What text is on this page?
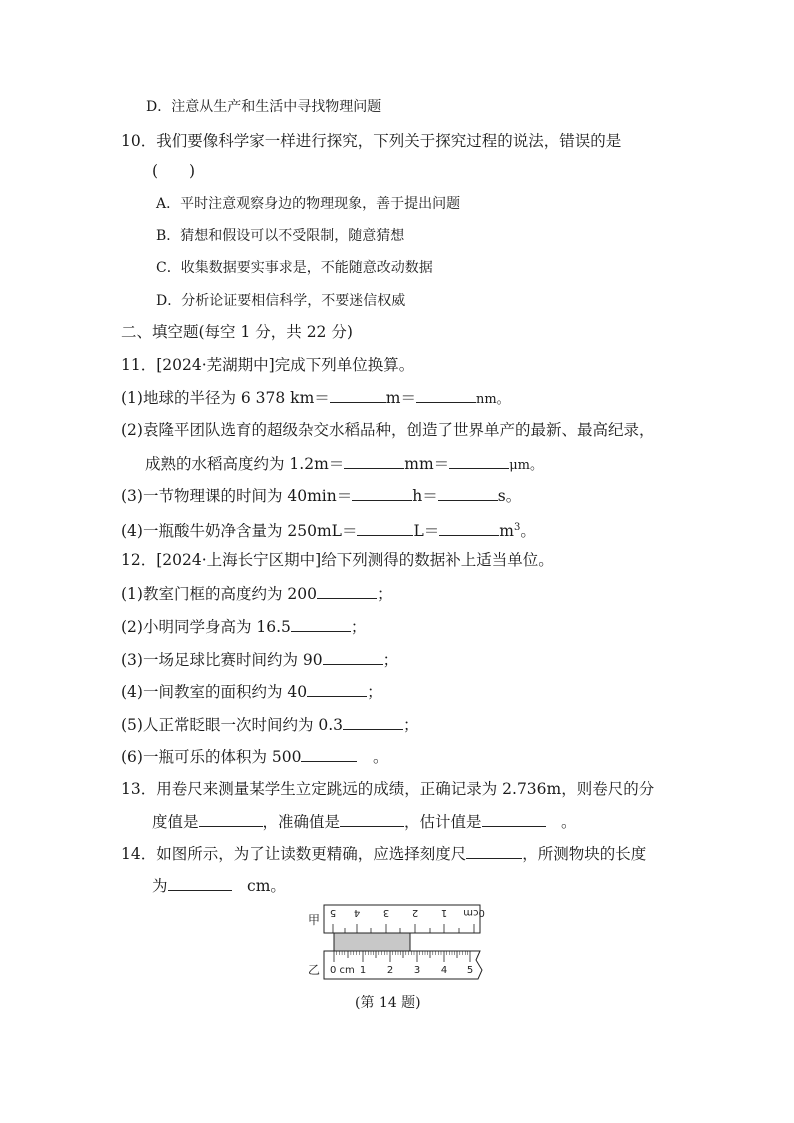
D．注意从生产和生活中寻找物理问题
10．我们要像科学家一样进行探究，下列关于探究过程的说法，错误的是
(　　)
A．平时注意观察身边的物理现象，善于提出问题
B．猜想和假设可以不受限制，随意猜想
C．收集数据要实事求是，不能随意改动数据
D．分析论证要相信科学，不要迷信权威
二、填空题(每空 1 分，共 22 分)
11．[2024·芜湖期中]完成下列单位换算。
(1)地球的半径为 6 378 km＝	m＝	nm。
(2)袁隆平团队选育的超级杂交水稻品种，创造了世界单产的最新、最高纪录，
成熟的水稻高度约为 1.2m＝	mm＝	μm。
(3)一节物理课的时间为 40min＝	h＝	s。
(4)一瓶酸牛奶净含量为 250mL＝	L＝	$m^3$。
12．[2024·上海长宁区期中]给下列测得的数据补上适当单位。
(1)教室门框的高度约为 200	；
(2)小明同学身高为 16.5	；
(3)一场足球比赛时间约为 90	；
(4)一间教室的面积约为 40	；
(5)人正常眨眼一次时间约为 0.3	；
(6)一瓶可乐的体积为 500	　。
13．用卷尺来测量某学生立定跳远的成绩，正确记录为 2.736m，则卷尺的分
度值是	，准确值是	，估计值是	　。
14．如图所示，为了让读数更精确，应选择刻度尺	，所测物块的长度
为	　cm。
甲
乙
0cm
1
2
3
4
5
0 cm 1 2 3 4 5
(第 14 题)
